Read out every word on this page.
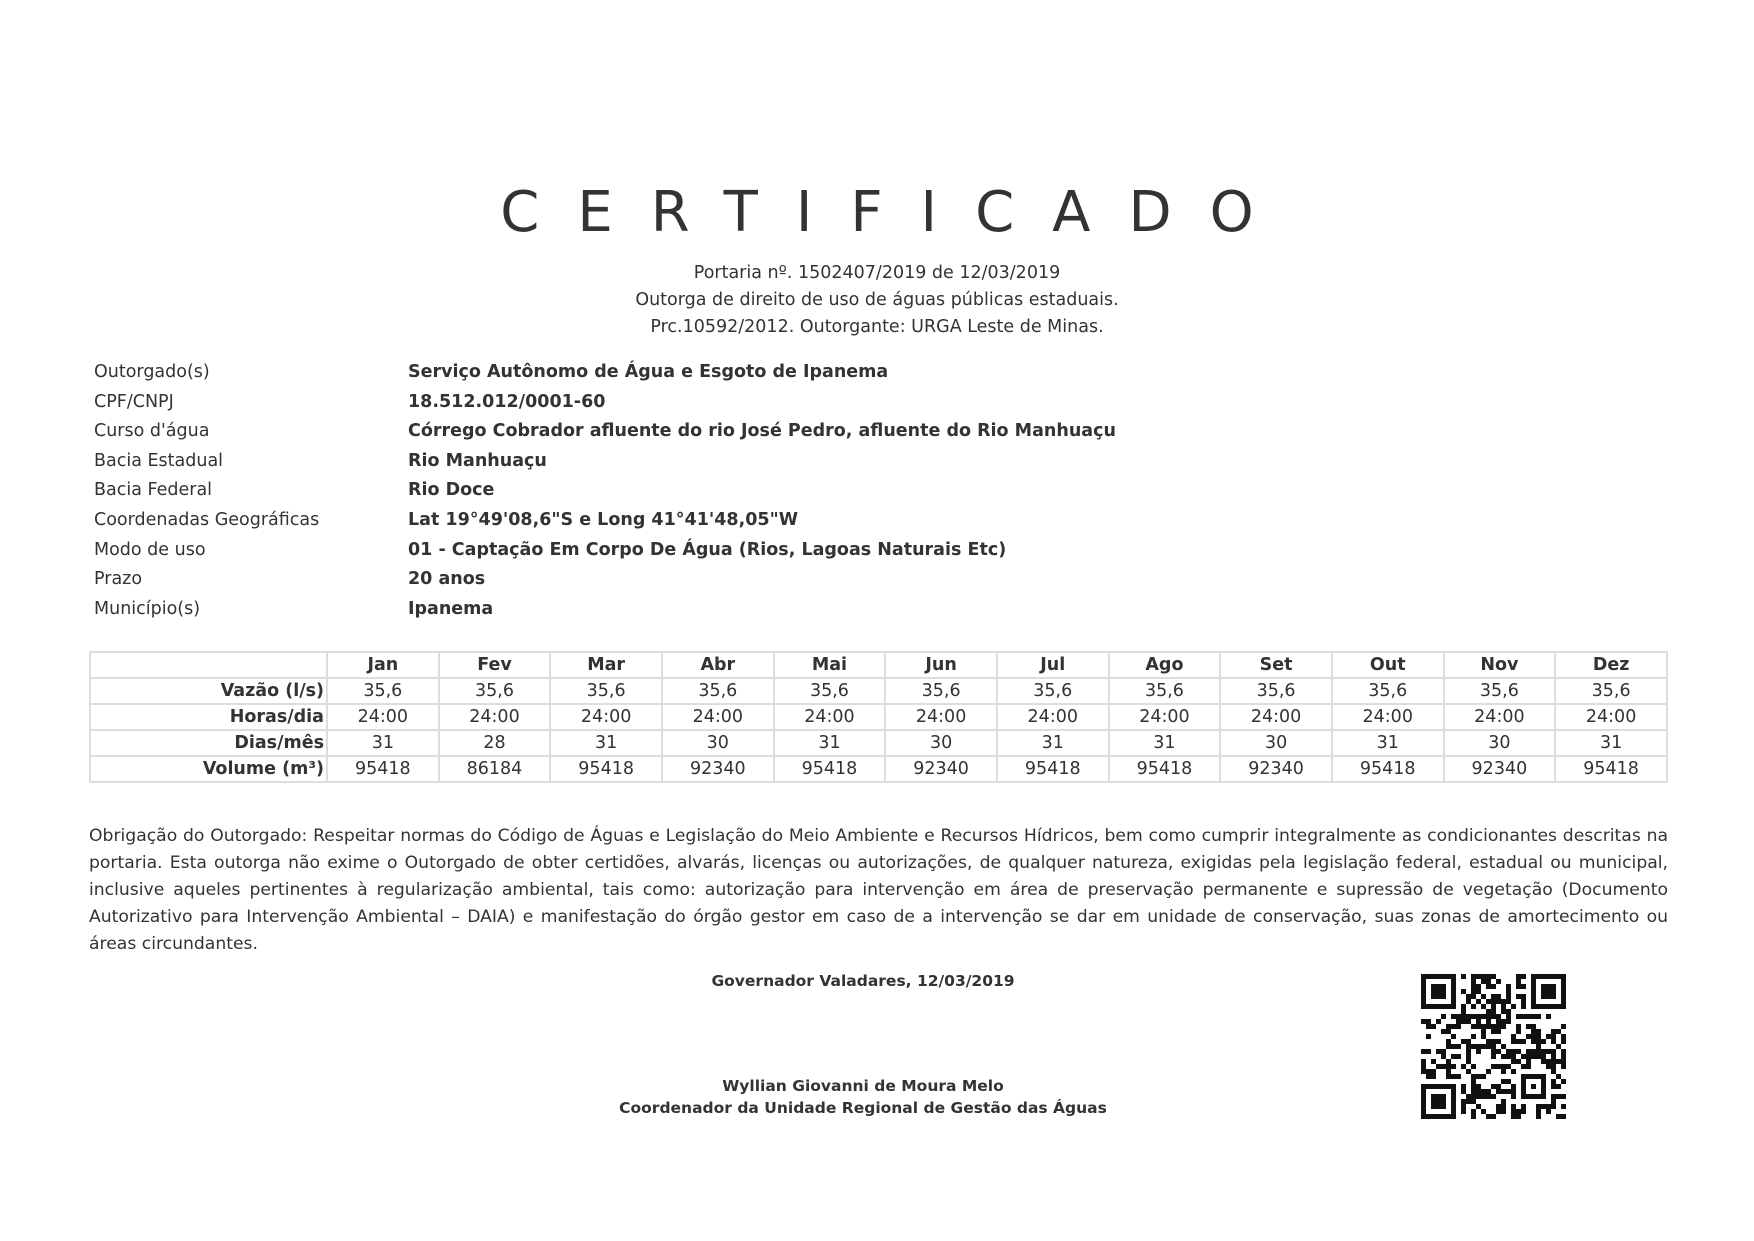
CERTIFICADO
Portaria nº. 1502407/2019 de 12/03/2019
Outorga de direito de uso de águas públicas estaduais.
Prc.10592/2012. Outorgante: URGA Leste de Minas.
Outorgado(s)	Serviço Autônomo de Água e Esgoto de Ipanema
CPF/CNPJ	18.512.012/0001-60
Curso d'água	Córrego Cobrador afluente do rio José Pedro, afluente do Rio Manhuaçu
Bacia Estadual	Rio Manhuaçu
Bacia Federal	Rio Doce
Coordenadas Geográficas	Lat 19°49'08,6"S e Long 41°41'48,05"W
Modo de uso	01 - Captação Em Corpo De Água (Rios, Lagoas Naturais Etc)
Prazo	20 anos
Município(s)	Ipanema
	Jan	Fev	Mar	Abr	Mai	Jun	Jul	Ago	Set	Out	Nov	Dez
Vazão (l/s)	35,6	35,6	35,6	35,6	35,6	35,6	35,6	35,6	35,6	35,6	35,6	35,6
Horas/dia	24:00	24:00	24:00	24:00	24:00	24:00	24:00	24:00	24:00	24:00	24:00	24:00
Dias/mês	31	28	31	30	31	30	31	31	30	31	30	31
Volume (m³)	95418	86184	95418	92340	95418	92340	95418	95418	92340	95418	92340	95418
Obrigação do Outorgado: Respeitar normas do Código de Águas e Legislação do Meio Ambiente e Recursos Hídricos, bem como cumprir integralmente as condicionantes descritas na portaria. Esta outorga não exime o Outorgado de obter certidões, alvarás, licenças ou autorizações, de qualquer natureza, exigidas pela legislação federal, estadual ou municipal, inclusive aqueles pertinentes à regularização ambiental, tais como: autorização para intervenção em área de preservação permanente e supressão de vegetação (Documento Autorizativo para Intervenção Ambiental – DAIA) e manifestação do órgão gestor em caso de a intervenção se dar em unidade de conservação, suas zonas de amortecimento ou áreas circundantes.
Governador Valadares, 12/03/2019
Wyllian Giovanni de Moura Melo
Coordenador da Unidade Regional de Gestão das Águas
